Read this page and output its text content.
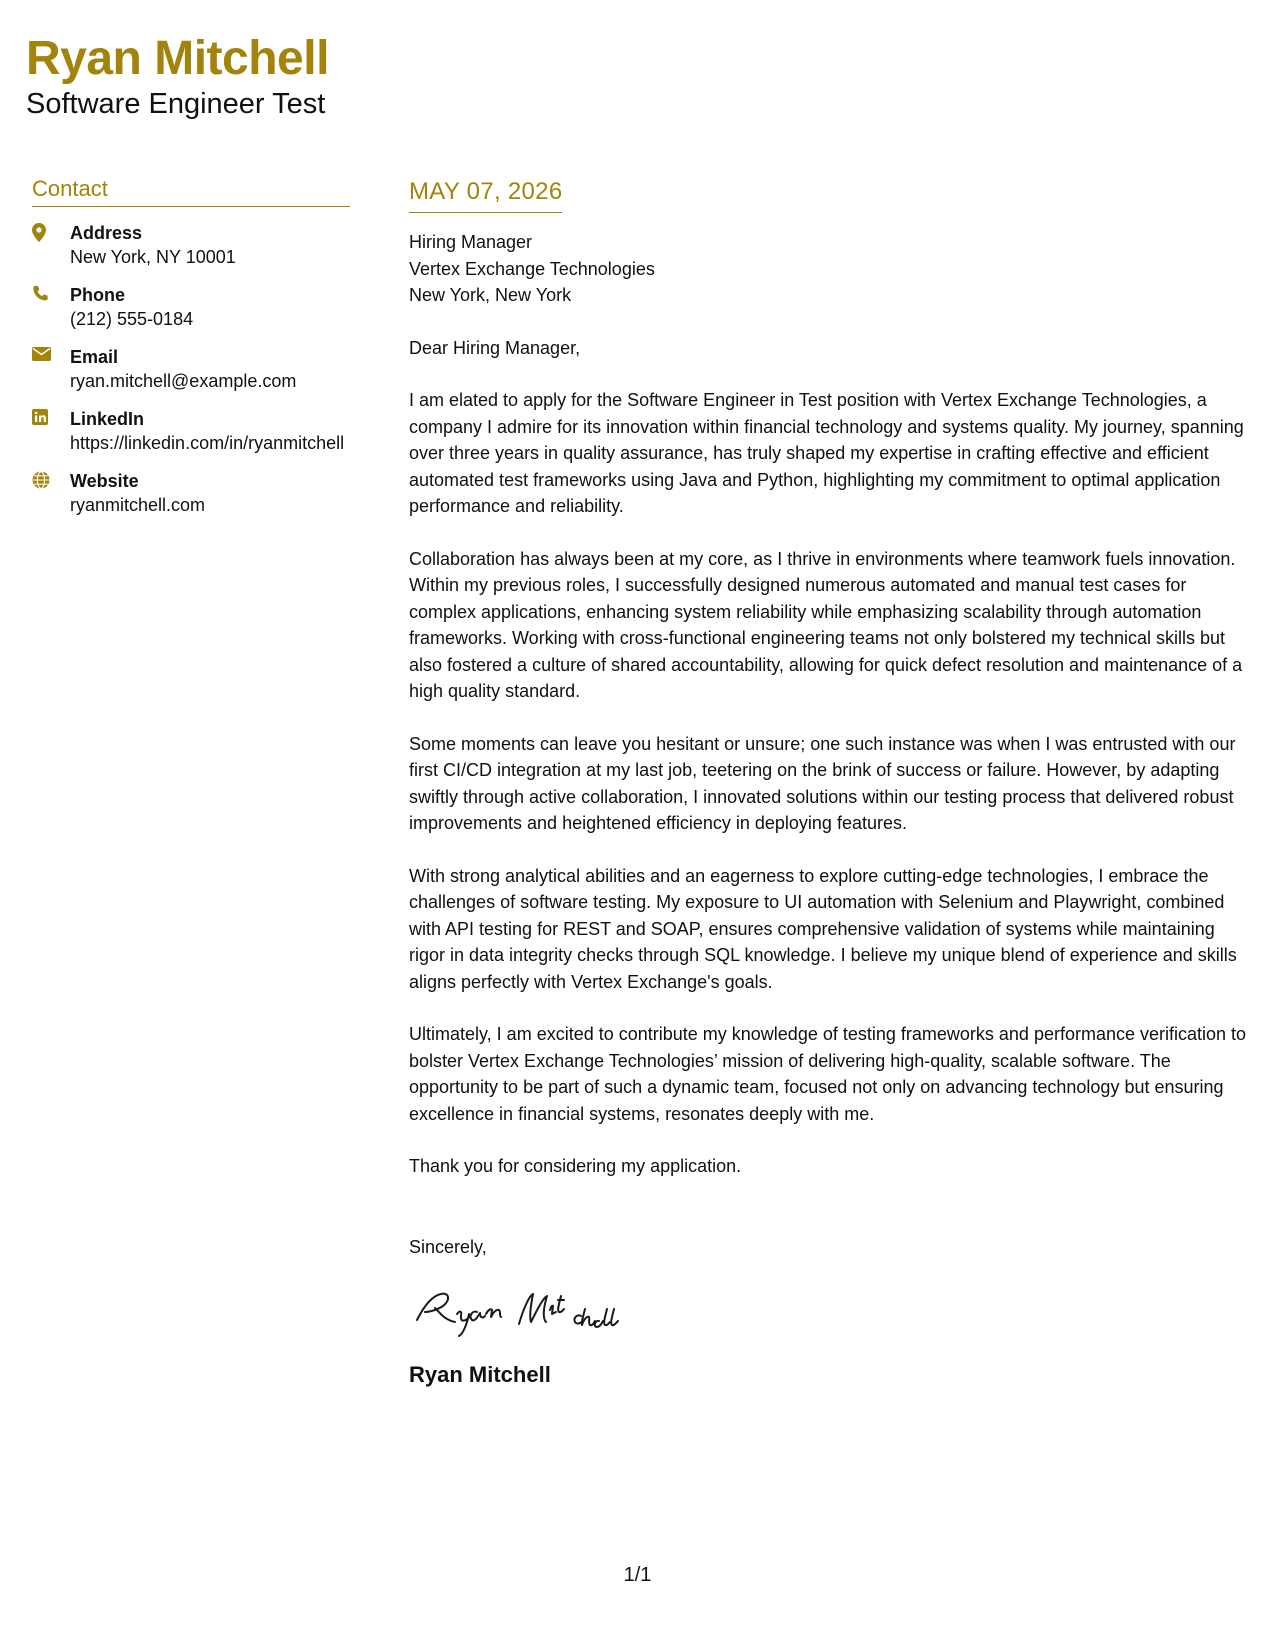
Ryan Mitchell
Software Engineer Test
Contact
Address
New York, NY 10001
Phone
(212) 555-0184
Email
ryan.mitchell@example.com
LinkedIn
https://linkedin.com/in/ryanmitchell
Website
ryanmitchell.com
MAY 07, 2026

Hiring Manager

Vertex Exchange Technologies

New York, New York

Dear Hiring Manager,

I am elated to apply for the Software Engineer in Test position with Vertex Exchange Technologies, a company I admire for its innovation within financial technology and systems quality. My journey, spanning over three years in quality assurance, has truly shaped my expertise in crafting effective and efficient automated test frameworks using Java and Python, highlighting my commitment to optimal application performance and reliability.

Collaboration has always been at my core, as I thrive in environments where teamwork fuels innovation. Within my previous roles, I successfully designed numerous automated and manual test cases for complex applications, enhancing system reliability while emphasizing scalability through automation frameworks. Working with cross-functional engineering teams not only bolstered my technical skills but also fostered a culture of shared accountability, allowing for quick defect resolution and maintenance of a high quality standard.

Some moments can leave you hesitant or unsure; one such instance was when I was entrusted with our first CI/CD integration at my last job, teetering on the brink of success or failure. However, by adapting swiftly through active collaboration, I innovated solutions within our testing process that delivered robust improvements and heightened efficiency in deploying features.

With strong analytical abilities and an eagerness to explore cutting-edge technologies, I embrace the challenges of software testing. My exposure to UI automation with Selenium and Playwright, combined with API testing for REST and SOAP, ensures comprehensive validation of systems while maintaining rigor in data integrity checks through SQL knowledge. I believe my unique blend of experience and skills aligns perfectly with Vertex Exchange's goals.

Ultimately, I am excited to contribute my knowledge of testing frameworks and performance verification to bolster Vertex Exchange Technologies’ mission of delivering high-quality, scalable software. The opportunity to be part of such a dynamic team, focused not only on advancing technology but ensuring excellence in financial systems, resonates deeply with me.

Thank you for considering my application.

Sincerely,

Ryan Mitchell
1/1
